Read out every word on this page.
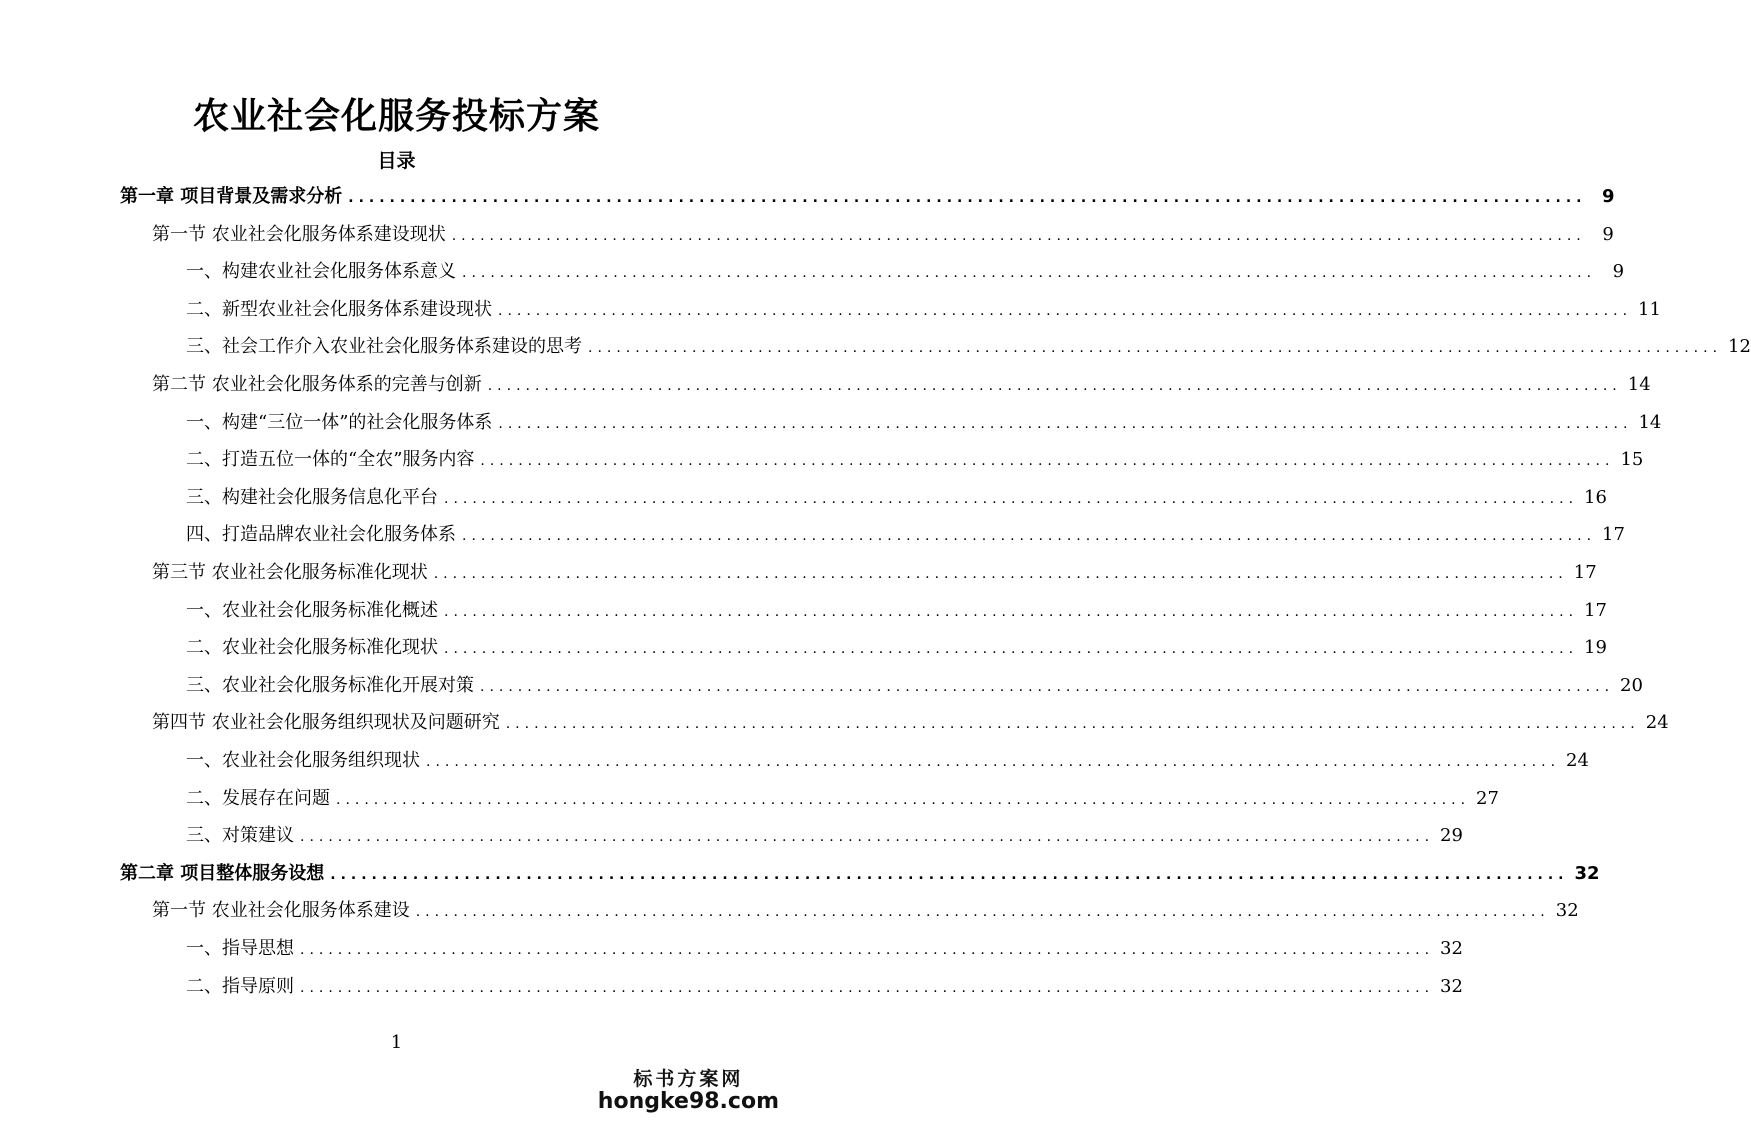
农业社会化服务投标方案
目录
第一章 项目背景及需求分析 ........................................................................................................................ 9
第一节 农业社会化服务体系建设现状 ........................................................................................................................ 9
一、构建农业社会化服务体系意义 ........................................................................................................................ 9
二、新型农业社会化服务体系建设现状 ........................................................................................................................ 11
三、社会工作介入农业社会化服务体系建设的思考 ........................................................................................................................ 12
第二节 农业社会化服务体系的完善与创新 ........................................................................................................................ 14
一、构建“三位一体”的社会化服务体系 ........................................................................................................................ 14
二、打造五位一体的“全农”服务内容 ........................................................................................................................ 15
三、构建社会化服务信息化平台 ........................................................................................................................ 16
四、打造品牌农业社会化服务体系 ........................................................................................................................ 17
第三节 农业社会化服务标准化现状 ........................................................................................................................ 17
一、农业社会化服务标准化概述 ........................................................................................................................ 17
二、农业社会化服务标准化现状 ........................................................................................................................ 19
三、农业社会化服务标准化开展对策 ........................................................................................................................ 20
第四节 农业社会化服务组织现状及问题研究 ........................................................................................................................ 24
一、农业社会化服务组织现状 ........................................................................................................................ 24
二、发展存在问题 ........................................................................................................................ 27
三、对策建议 ........................................................................................................................ 29
第二章 项目整体服务设想 ........................................................................................................................ 32
第一节 农业社会化服务体系建设 ........................................................................................................................ 32
一、指导思想 ........................................................................................................................ 32
二、指导原则 ........................................................................................................................ 32
1
标书方案网
hongke98.com
